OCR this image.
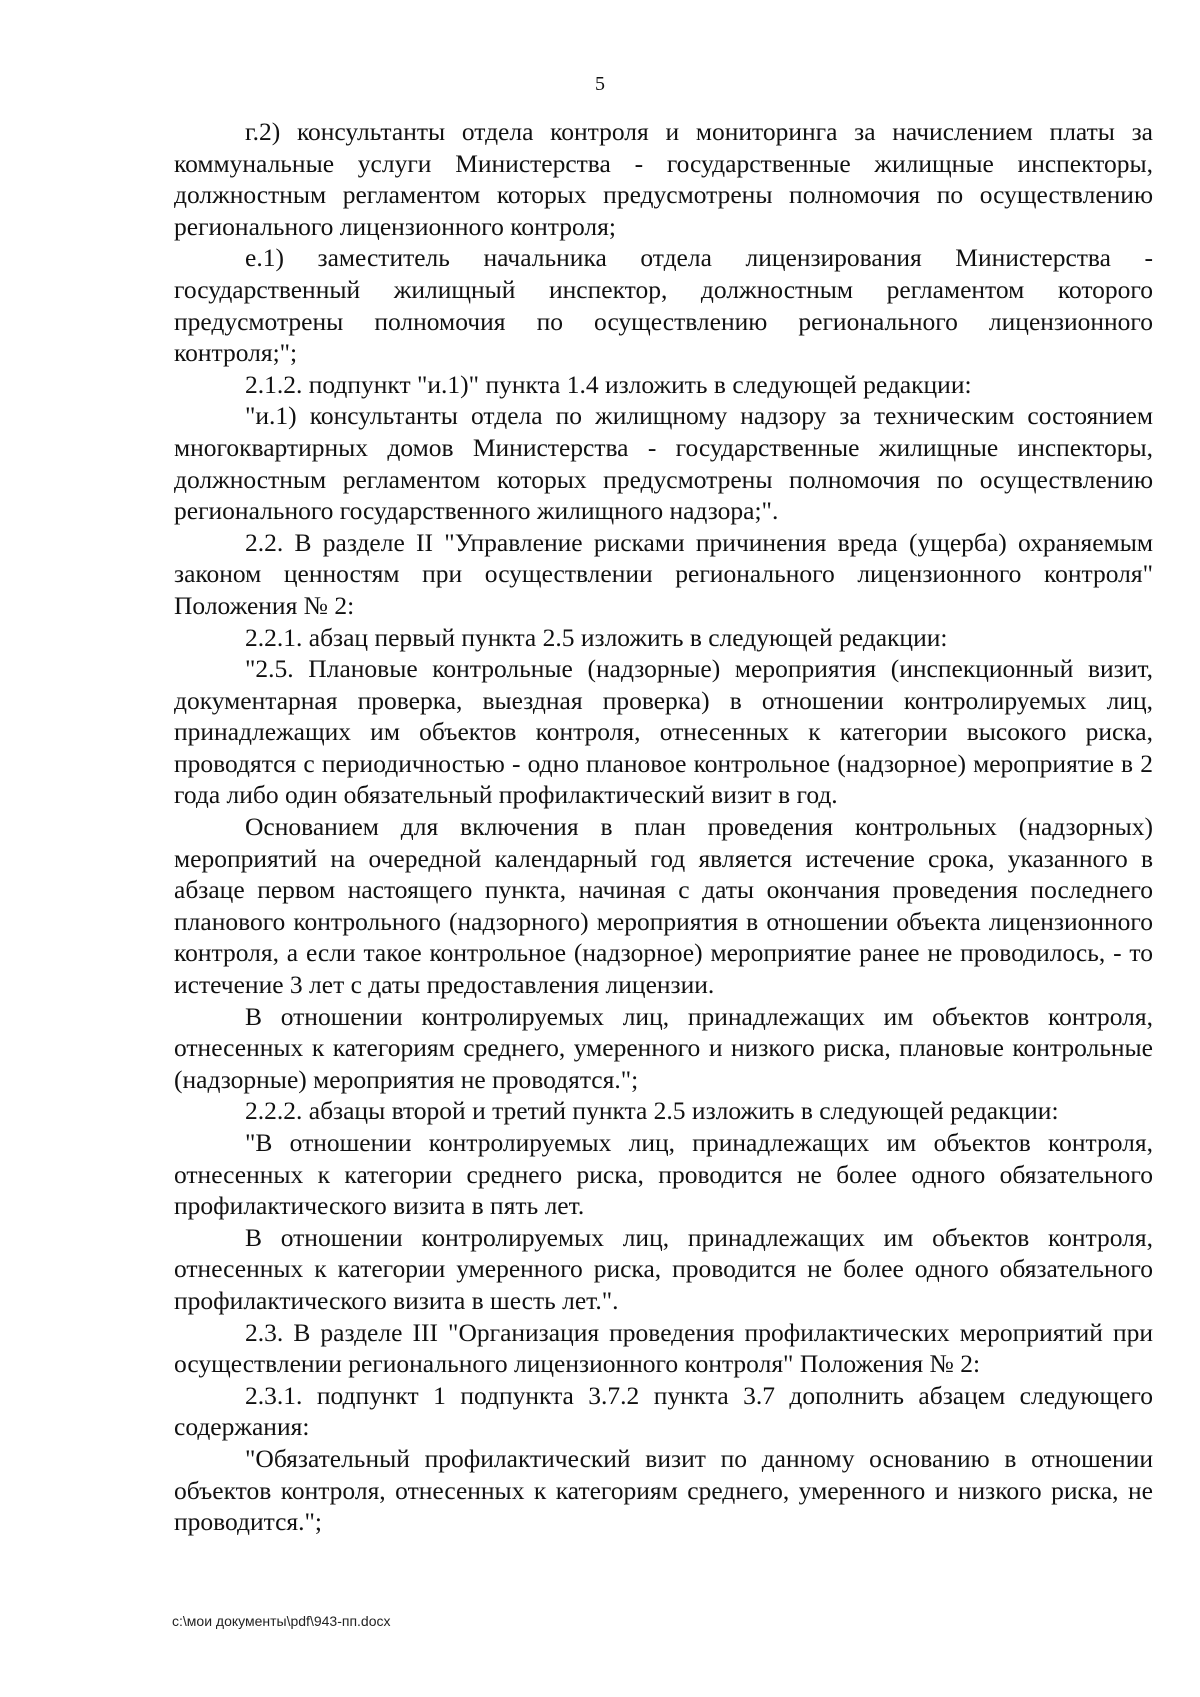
5

г.2) консультанты отдела контроля и мониторинга за начислением платы за коммунальные услуги Министерства - государственные жилищные инспекторы, должностным регламентом которых предусмотрены полномочия по осуществлению регионального лицензионного контроля;

е.1) заместитель начальника отдела лицензирования Министерства - государственный жилищный инспектор, должностным регламентом которого предусмотрены полномочия по осуществлению регионального лицензионного контроля;";

2.1.2. подпункт "и.1)" пункта 1.4 изложить в следующей редакции:

"и.1) консультанты отдела по жилищному надзору за техническим состоянием многоквартирных домов Министерства - государственные жилищные инспекторы, должностным регламентом которых предусмотрены полномочия по осуществлению регионального государственного жилищного надзора;".

2.2. В разделе II "Управление рисками причинения вреда (ущерба) охраняемым законом ценностям при осуществлении регионального лицензионного контроля" Положения № 2:

2.2.1. абзац первый пункта 2.5 изложить в следующей редакции:

"2.5. Плановые контрольные (надзорные) мероприятия (инспекционный визит, документарная проверка, выездная проверка) в отношении контролируемых лиц, принадлежащих им объектов контроля, отнесенных к категории высокого риска, проводятся с периодичностью - одно плановое контрольное (надзорное) мероприятие в 2 года либо один обязательный профилактический визит в год.

Основанием для включения в план проведения контрольных (надзорных) мероприятий на очередной календарный год является истечение срока, указанного в абзаце первом настоящего пункта, начиная с даты окончания проведения последнего планового контрольного (надзорного) мероприятия в отношении объекта лицензионного контроля, а если такое контрольное (надзорное) мероприятие ранее не проводилось, - то истечение 3 лет с даты предоставления лицензии.

В отношении контролируемых лиц, принадлежащих им объектов контроля, отнесенных к категориям среднего, умеренного и низкого риска, плановые контрольные (надзорные) мероприятия не проводятся.";

2.2.2. абзацы второй и третий пункта 2.5 изложить в следующей редакции:

"В отношении контролируемых лиц, принадлежащих им объектов контроля, отнесенных к категории среднего риска, проводится не более одного обязательного профилактического визита в пять лет.

В отношении контролируемых лиц, принадлежащих им объектов контроля, отнесенных к категории умеренного риска, проводится не более одного обязательного профилактического визита в шесть лет.".

2.3. В разделе III "Организация проведения профилактических мероприятий при осуществлении регионального лицензионного контроля" Положения № 2:

2.3.1. подпункт 1 подпункта 3.7.2 пункта 3.7 дополнить абзацем следующего содержания:

"Обязательный профилактический визит по данному основанию в отношении объектов контроля, отнесенных к категориям среднего, умеренного и низкого риска, не проводится.";

c:\мои документы\pdf\943-пп.docx
